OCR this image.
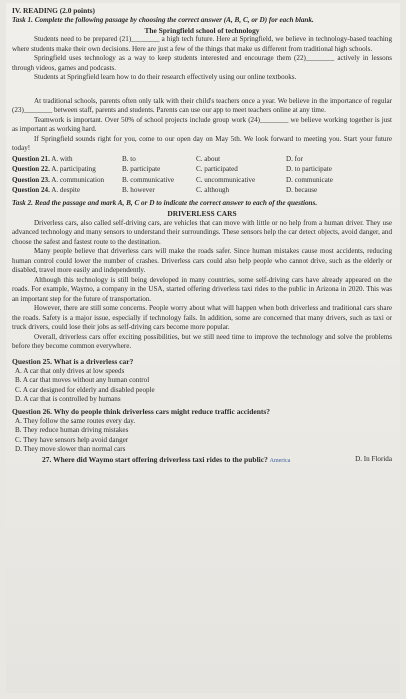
IV. READING (2.0 points)
Task 1. Complete the following passage by choosing the correct answer (A, B, C, or D) for each blank.
The Springfield school of technology

Students need to be prepared (21)________ a high tech future. Here at Springfield, we believe in technology-based teaching where students make their own decisions. Here are just a few of the things that make us different from traditional high schools.

Springfield uses technology as a way to keep students interested and encourage them (22)________ actively in lessons through videos, games and podcasts.

Students at Springfield learn how to do their research effectively using our online textbooks.

At traditional schools, parents often only talk with their child's teachers once a year. We believe in the importance of regular (23)________ between staff, parents and students. Parents can use our app to meet teachers online at any time.

Teamwork is important. Over 50% of school projects include group work (24)________ we believe working together is just as important as working hard.

If Springfield sounds right for you, come to our open day on May 5th. We look forward to meeting you. Start your future today!

Question 21. A. with	B. to	C. about	D. for
Question 22. A. participating	B. participate	C. participated	D. to participate
Question 23. A. communication	B. communicative	C. uncommunicative	D. communicate
Question 24. A. despite	B. however	C. although	D. because
Task 2. Read the passage and mark A, B, C or D to indicate the correct answer to each of the questions.
DRIVERLESS CARS

Driverless cars, also called self-driving cars, are vehicles that can move with little or no help from a human driver. They use advanced technology and many sensors to understand their surroundings. These sensors help the car detect objects, avoid danger, and choose the safest and fastest route to the destination.

Many people believe that driverless cars will make the roads safer. Since human mistakes cause most accidents, reducing human control could lower the number of crashes. Driverless cars could also help people who cannot drive, such as the elderly or disabled, travel more easily and independently.

Although this technology is still being developed in many countries, some self-driving cars have already appeared on the roads. For example, Waymo, a company in the USA, started offering driverless taxi rides to the public in Arizona in 2020. This was an important step for the future of transportation.

However, there are still some concerns. People worry about what will happen when both driverless and traditional cars share the roads. Safety is a major issue, especially if technology fails. In addition, some are concerned that many drivers, such as taxi or truck drivers, could lose their jobs as self-driving cars become more popular.

Overall, driverless cars offer exciting possibilities, but we still need time to improve the technology and solve the problems before they become common everywhere.

Question 25. What is a driverless car?
A. A car that only drives at low speeds
B. A car that moves without any human control
C. A car designed for elderly and disabled people
D. A car that is controlled by humans
Question 26. Why do people think driverless cars might reduce traffic accidents?
A. They follow the same routes every day.
B. They reduce human driving mistakes
C. They have sensors help avoid danger
D. They move slower than normal cars
27. Where did Waymo start offering driverless taxi rides to the public? America	D. In Florida
